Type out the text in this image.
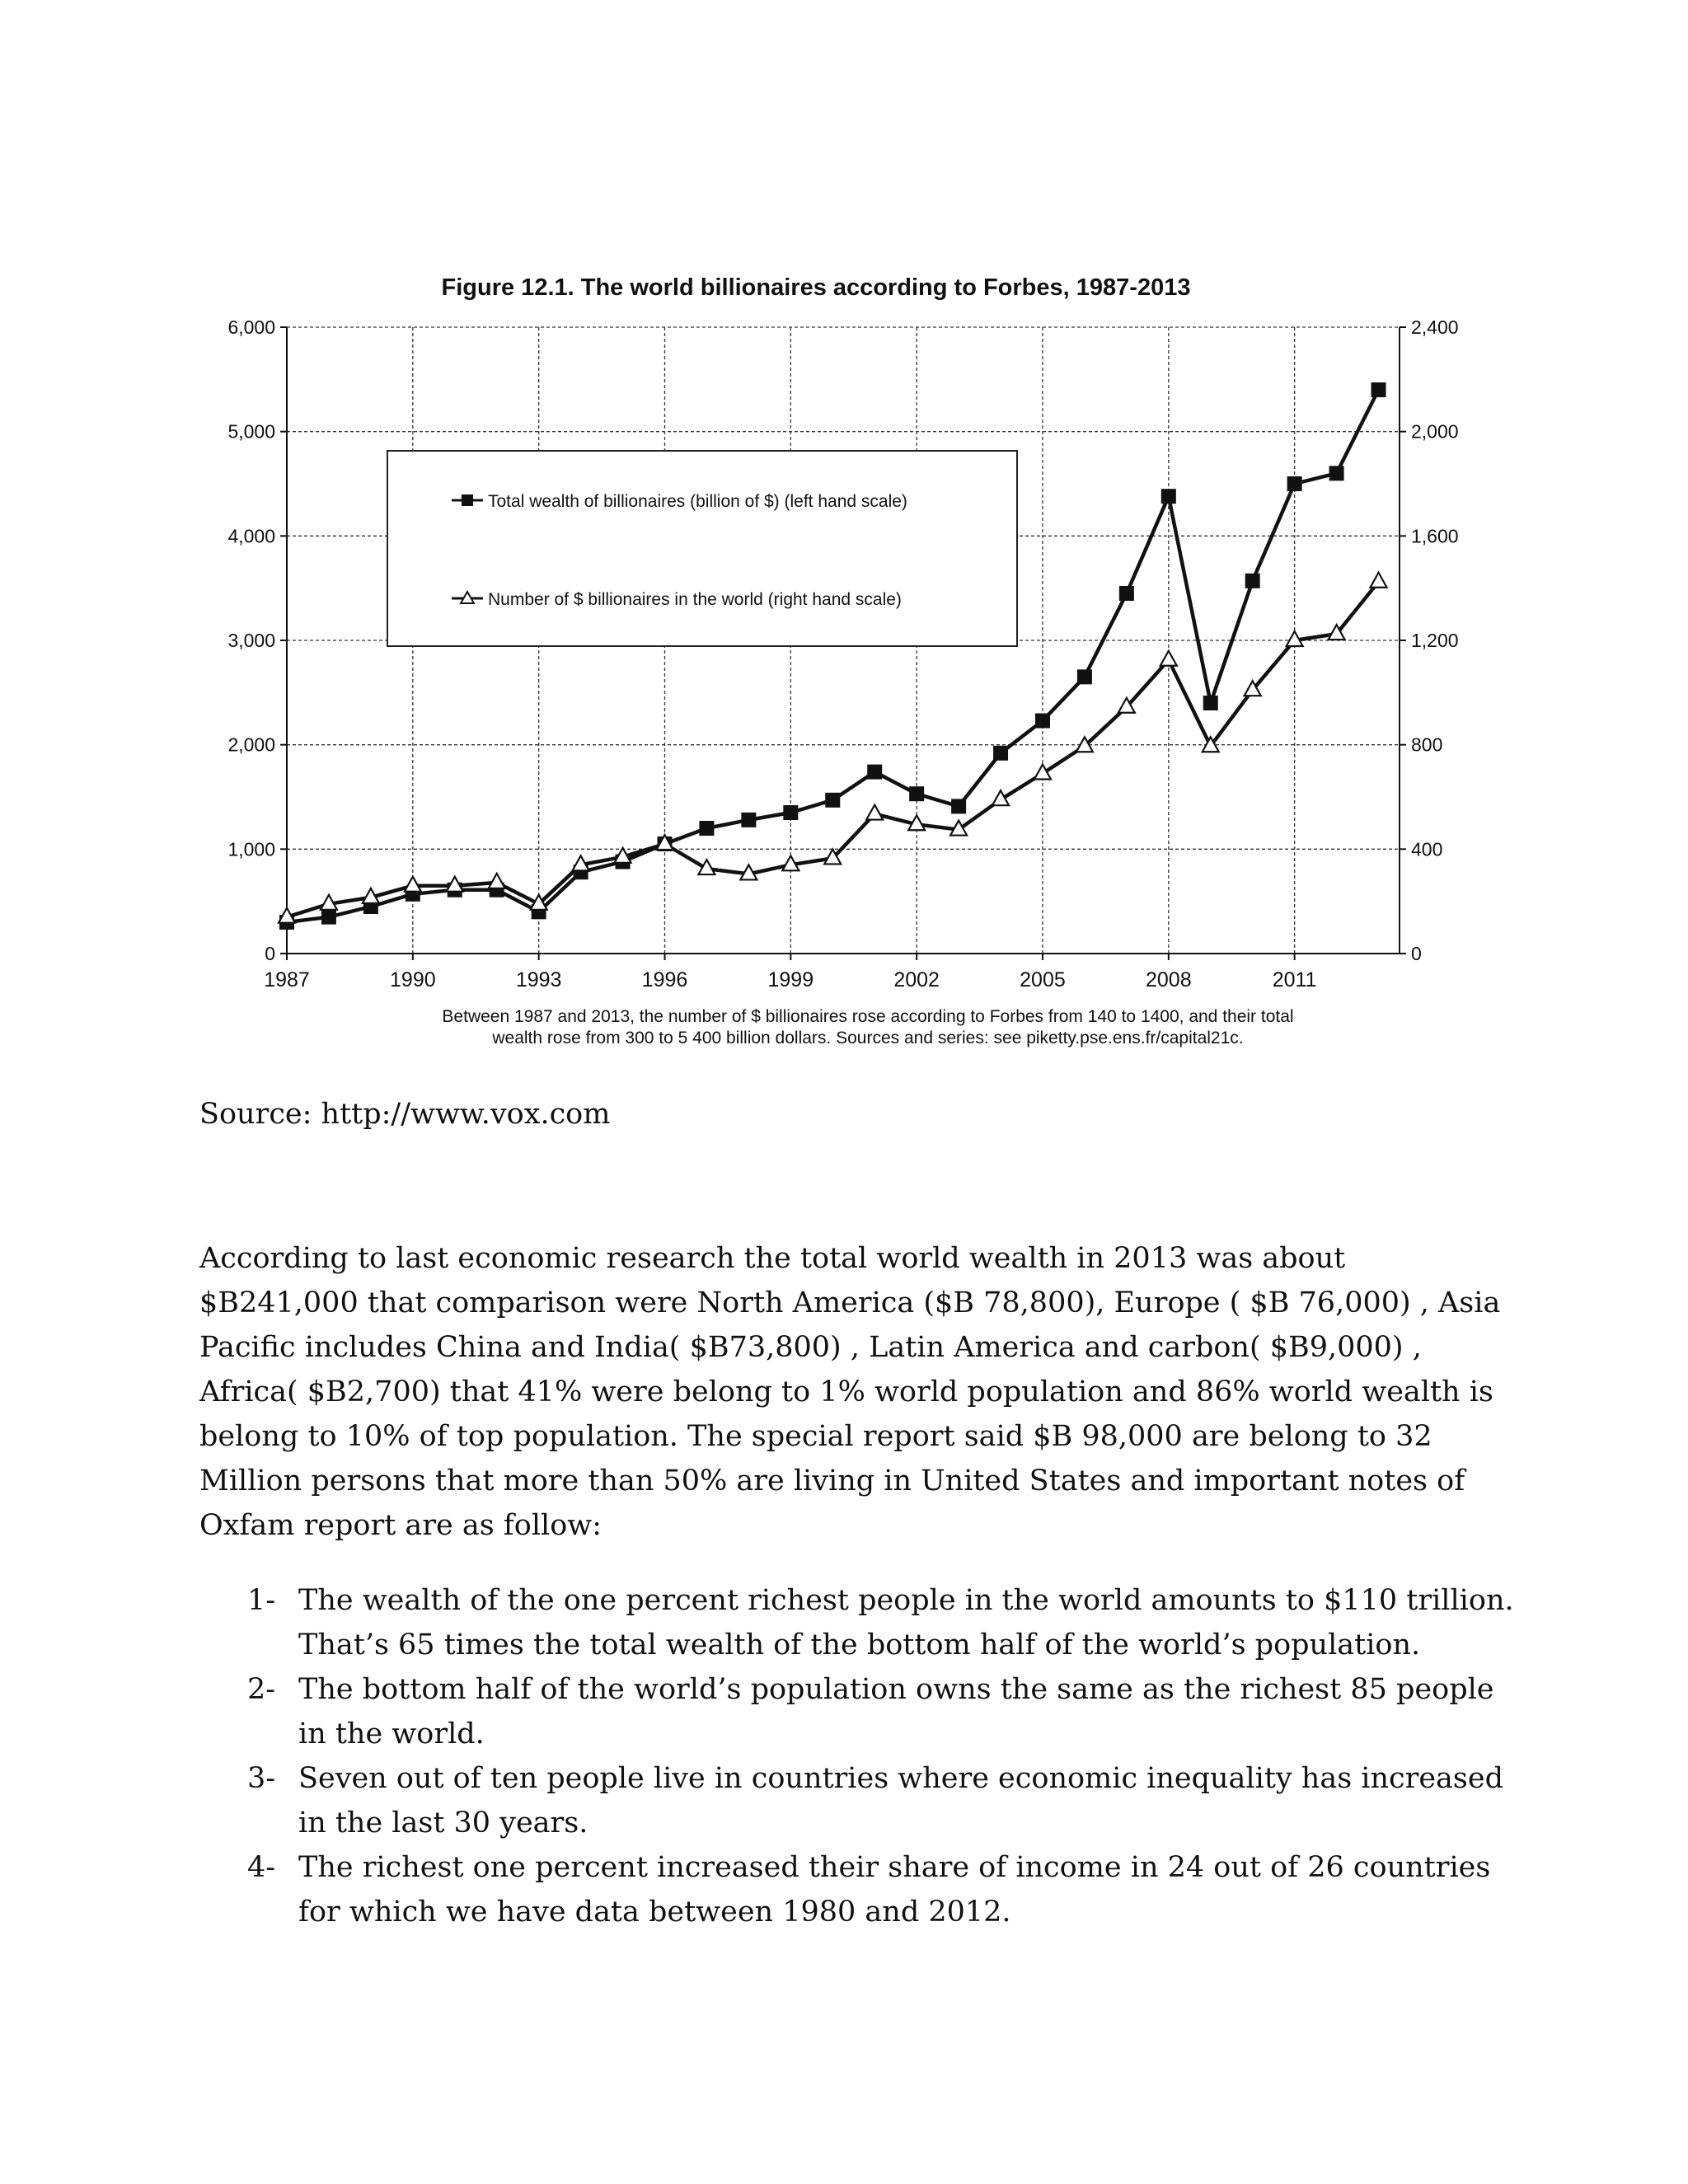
Figure 12.1. The world billionaires according to Forbes, 1987-2013
0
1,000
2,000
3,000
4,000
5,000
6,000
0
400
800
1,200
1,600
2,000
2,400
1987	1990	1993	1996	1999	2002	2005	2008	2011
Total wealth of billionaires (billion of $) (left hand scale)
Number of $ billionaires in the world (right hand scale)
Between 1987 and 2013, the number of $ billionaires rose according to Forbes from 140 to 1400, and their total
wealth rose from 300 to 5 400 billion dollars. Sources and series: see piketty.pse.ens.fr/capital21c.
Source: http://www.vox.com
According to last economic research the total world wealth in 2013 was about $B241,000 that comparison were North America ($B 78,800), Europe ( $B 76,000) , Asia Pacific includes China and India( $B73,800) , Latin America and carbon( $B9,000) , Africa( $B2,700) that 41% were belong to 1% world population and 86% world wealth is belong to 10% of top population. The special report said $B 98,000 are belong to 32 Million persons that more than 50% are living in United States and important notes of Oxfam report are as follow:
1- The wealth of the one percent richest people in the world amounts to $110 trillion. That’s 65 times the total wealth of the bottom half of the world’s population.
2- The bottom half of the world’s population owns the same as the richest 85 people in the world.
3- Seven out of ten people live in countries where economic inequality has increased in the last 30 years.
4- The richest one percent increased their share of income in 24 out of 26 countries for which we have data between 1980 and 2012.
